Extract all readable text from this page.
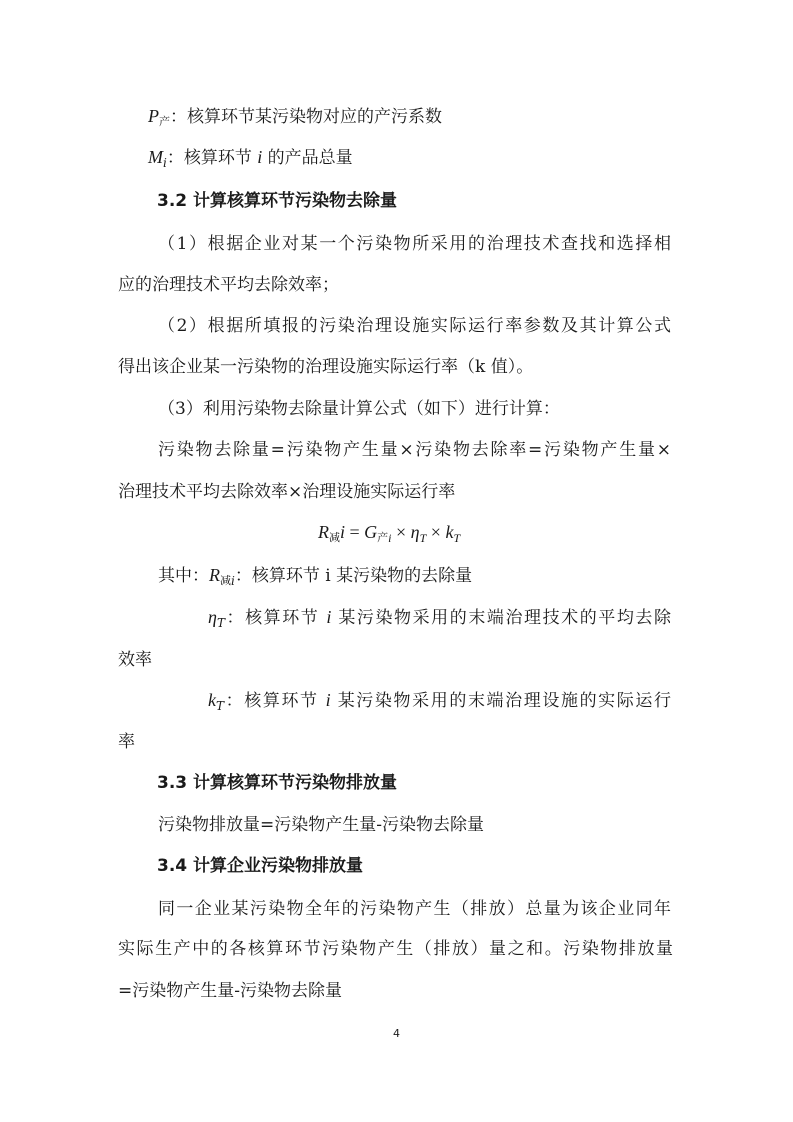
$P_产$：核算环节某污染物对应的产污系数
$M_i$：核算环节 i 的产品总量
3.2 计算核算环节污染物去除量
（1）根据企业对某一个污染物所采用的治理技术查找和选择相
应的治理技术平均去除效率；
（2）根据所填报的污染治理设施实际运行率参数及其计算公式
得出该企业某一污染物的治理设施实际运行率（k 值）。
（3）利用污染物去除量计算公式（如下）进行计算：
污染物去除量=污染物产生量×污染物去除率=污染物产生量×
治理技术平均去除效率×治理设施实际运行率
$R_减i = G_{产i} \times \eta_T \times k_T$
其中：$R_{减i}$：核算环节 i 某污染物的去除量
$\eta_T$：核算环节 i 某污染物采用的末端治理技术的平均去除
效率
$k_T$：核算环节 i 某污染物采用的末端治理设施的实际运行
率
3.3 计算核算环节污染物排放量
污染物排放量=污染物产生量-污染物去除量
3.4 计算企业污染物排放量
同一企业某污染物全年的污染物产生（排放）总量为该企业同年
实际生产中的各核算环节污染物产生（排放）量之和。污染物排放量
=污染物产生量-污染物去除量
4
